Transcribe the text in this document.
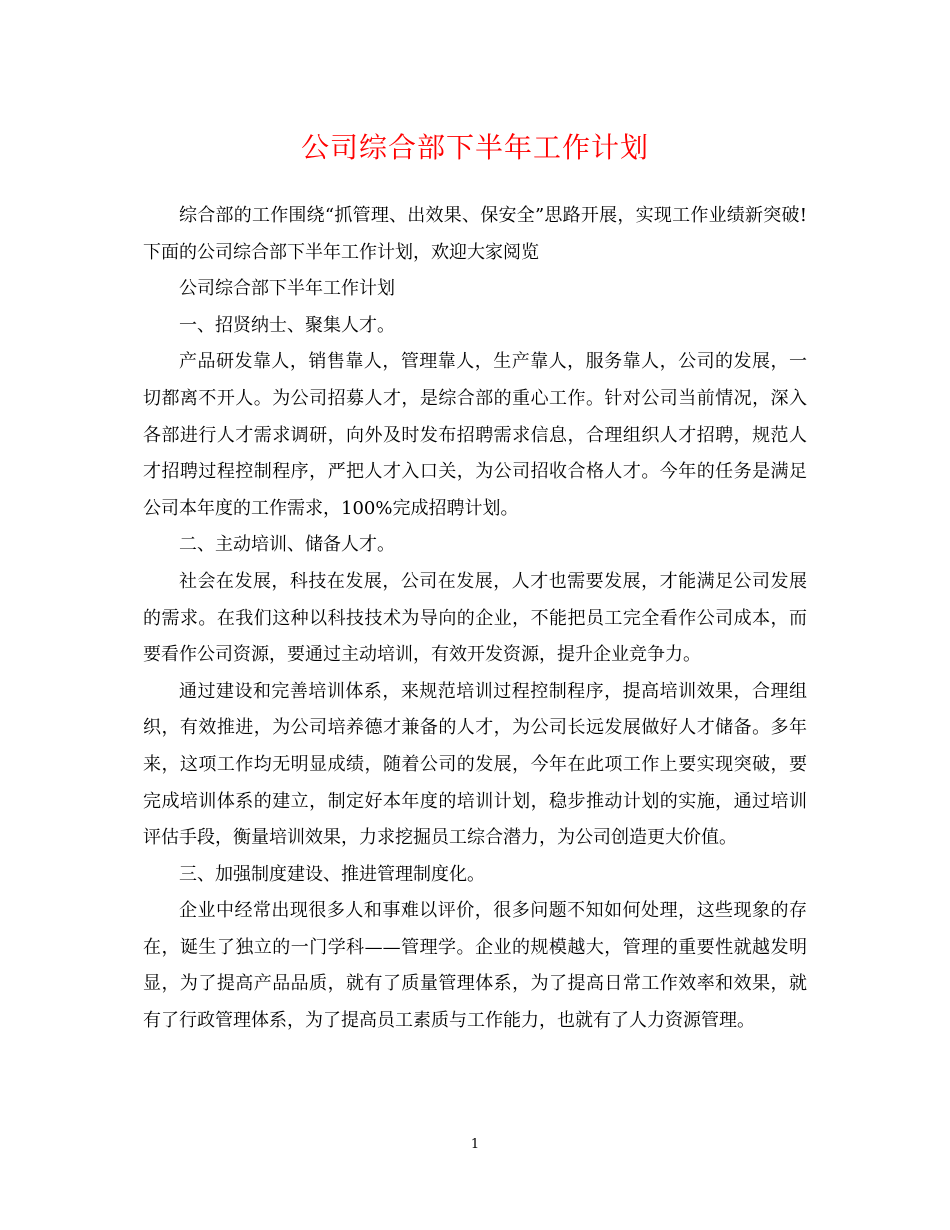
公司综合部下半年工作计划

综合部的工作围绕“抓管理、出效果、保安全”思路开展，实现工作业绩新突破!下面的公司综合部下半年工作计划，欢迎大家阅览

公司综合部下半年工作计划

一、招贤纳士、聚集人才。

产品研发靠人，销售靠人，管理靠人，生产靠人，服务靠人，公司的发展，一切都离不开人。为公司招募人才，是综合部的重心工作。针对公司当前情况，深入各部进行人才需求调研，向外及时发布招聘需求信息，合理组织人才招聘，规范人才招聘过程控制程序，严把人才入口关，为公司招收合格人才。今年的任务是满足公司本年度的工作需求，100%完成招聘计划。

二、主动培训、储备人才。

社会在发展，科技在发展，公司在发展，人才也需要发展，才能满足公司发展的需求。在我们这种以科技技术为导向的企业，不能把员工完全看作公司成本，而要看作公司资源，要通过主动培训，有效开发资源，提升企业竞争力。

通过建设和完善培训体系，来规范培训过程控制程序，提高培训效果，合理组织，有效推进，为公司培养德才兼备的人才，为公司长远发展做好人才储备。多年来，这项工作均无明显成绩，随着公司的发展，今年在此项工作上要实现突破，要完成培训体系的建立，制定好本年度的培训计划，稳步推动计划的实施，通过培训评估手段，衡量培训效果，力求挖掘员工综合潜力，为公司创造更大价值。

三、加强制度建设、推进管理制度化。

企业中经常出现很多人和事难以评价，很多问题不知如何处理，这些现象的存在，诞生了独立的一门学科——管理学。企业的规模越大，管理的重要性就越发明显，为了提高产品品质，就有了质量管理体系，为了提高日常工作效率和效果，就有了行政管理体系，为了提高员工素质与工作能力，也就有了人力资源管理。

1
